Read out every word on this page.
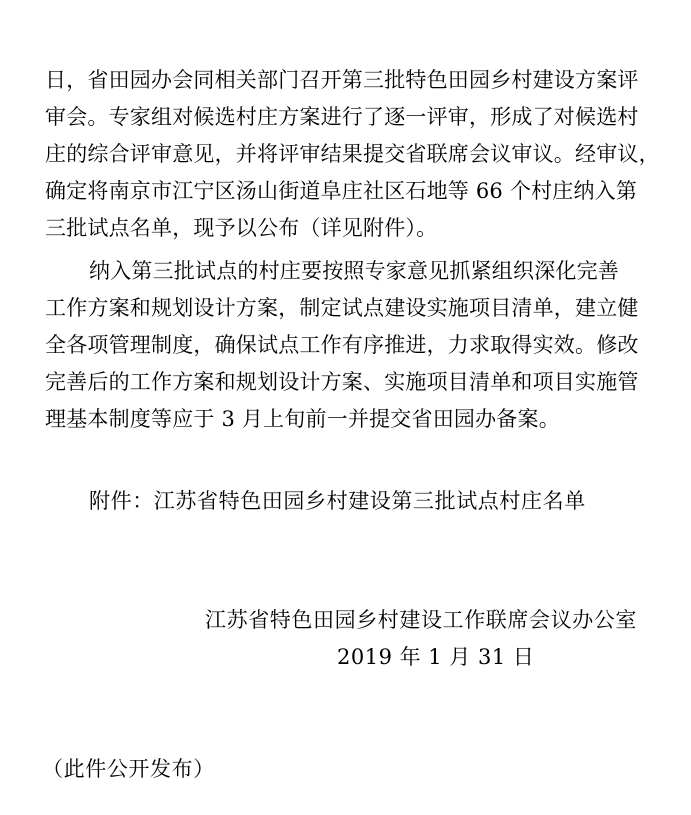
日，省田园办会同相关部门召开第三批特色田园乡村建设方案评
审会。专家组对候选村庄方案进行了逐一评审，形成了对候选村
庄的综合评审意见，并将评审结果提交省联席会议审议。经审议，
确定将南京市江宁区汤山街道阜庄社区石地等 66 个村庄纳入第
三批试点名单，现予以公布（详见附件）。
纳入第三批试点的村庄要按照专家意见抓紧组织深化完善
工作方案和规划设计方案，制定试点建设实施项目清单，建立健
全各项管理制度，确保试点工作有序推进，力求取得实效。修改
完善后的工作方案和规划设计方案、实施项目清单和项目实施管
理基本制度等应于 3 月上旬前一并提交省田园办备案。
附件：江苏省特色田园乡村建设第三批试点村庄名单
江苏省特色田园乡村建设工作联席会议办公室
2019 年 1 月 31 日
（此件公开发布）
